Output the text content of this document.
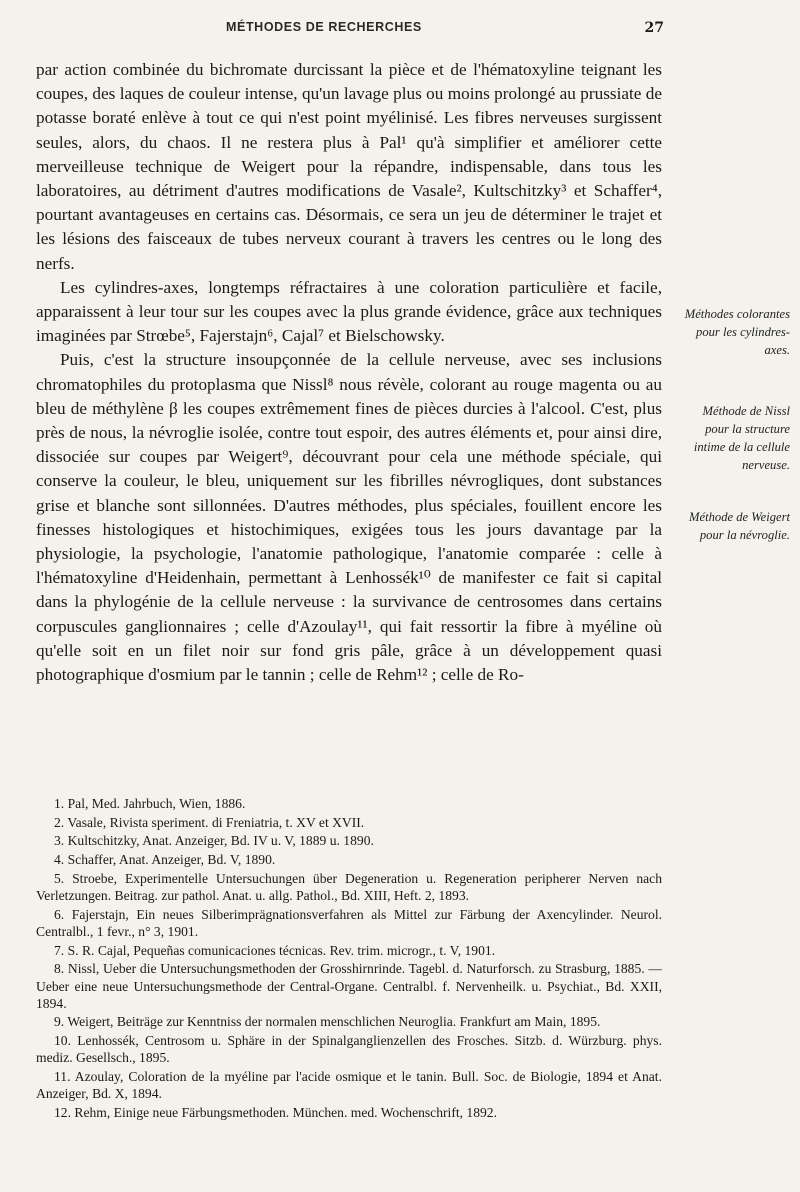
MÉTHODES DE RECHERCHES	27

par action combinée du bichromate durcissant la pièce et de l'hématoxyline teignant les coupes, des laques de couleur intense, qu'un lavage plus ou moins prolongé au prussiate de potasse boraté enlève à tout ce qui n'est point myélinisé. Les fibres nerveuses surgissent seules, alors, du chaos. Il ne restera plus à Pal¹ qu'à simplifier et améliorer cette merveilleuse technique de Weigert pour la répandre, indispensable, dans tous les laboratoires, au détriment d'autres modifications de Vasale², Kultschitzky³ et Schaffer⁴, pourtant avantageuses en certains cas. Désormais, ce sera un jeu de déterminer le trajet et les lésions des faisceaux de tubes nerveux courant à travers les centres ou le long des nerfs.

Les cylindres-axes, longtemps réfractaires à une coloration particulière et facile, apparaissent à leur tour sur les coupes avec la plus grande évidence, grâce aux techniques imaginées par Strœbe⁵, Fajerstajn⁶, Cajal⁷ et Bielschowsky.

Puis, c'est la structure insoupçonnée de la cellule nerveuse, avec ses inclusions chromatophiles du protoplasma que Nissl⁸ nous révèle, colorant au rouge magenta ou au bleu de méthylène β les coupes extrêmement fines de pièces durcies à l'alcool. C'est, plus près de nous, la névroglie isolée, contre tout espoir, des autres éléments et, pour ainsi dire, dissociée sur coupes par Weigert⁹, découvrant pour cela une méthode spéciale, qui conserve la couleur, le bleu, uniquement sur les fibrilles névrogliques, dont substances grise et blanche sont sillonnées. D'autres méthodes, plus spéciales, fouillent encore les finesses histologiques et histochimiques, exigées tous les jours davantage par la physiologie, la psychologie, l'anatomie pathologique, l'anatomie comparée : celle à l'hématoxyline d'Heidenhain, permettant à Lenhossék¹⁰ de manifester ce fait si capital dans la phylogénie de la cellule nerveuse : la survivance de centrosomes dans certains corpuscules ganglionnaires ; celle d'Azoulay¹¹, qui fait ressortir la fibre à myéline où qu'elle soit en un filet noir sur fond gris pâle, grâce à un développement quasi photographique d'osmium par le tannin ; celle de Rehm¹² ; celle de Ro-

Méthodes colorantes pour les cylindres-axes.

Méthode de Nissl pour la structure intime de la cellule nerveuse.

Méthode de Weigert pour la névroglie.

1. Pal, Med. Jahrbuch, Wien, 1886.

2. Vasale, Rivista speriment. di Freniatria, t. XV et XVII.

3. Kultschitzky, Anat. Anzeiger, Bd. IV u. V, 1889 u. 1890.

4. Schaffer, Anat. Anzeiger, Bd. V, 1890.

5. Stroebe, Experimentelle Untersuchungen über Degeneration u. Regeneration peripherer Nerven nach Verletzungen. Beitrag. zur pathol. Anat. u. allg. Pathol., Bd. XIII, Heft. 2, 1893.

6. Fajerstajn, Ein neues Silberimprägnationsverfahren als Mittel zur Färbung der Axencylinder. Neurol. Centralbl., 1 fevr., n° 3, 1901.

7. S. R. Cajal, Pequeñas comunicaciones técnicas. Rev. trim. microgr., t. V, 1901.

8. Nissl, Ueber die Untersuchungsmethoden der Grosshirnrinde. Tagebl. d. Naturforsch. zu Strasburg, 1885. — Ueber eine neue Untersuchungsmethode der Central-Organe. Centralbl. f. Nervenheilk. u. Psychiat., Bd. XXII, 1894.

9. Weigert, Beiträge zur Kenntniss der normalen menschlichen Neuroglia. Frankfurt am Main, 1895.

10. Lenhossék, Centrosom u. Sphäre in der Spinalganglienzellen des Frosches. Sitzb. d. Würzburg. phys. mediz. Gesellsch., 1895.

11. Azoulay, Coloration de la myéline par l'acide osmique et le tanin. Bull. Soc. de Biologie, 1894 et Anat. Anzeiger, Bd. X, 1894.

12. Rehm, Einige neue Färbungsmethoden. München. med. Wochenschrift, 1892.
